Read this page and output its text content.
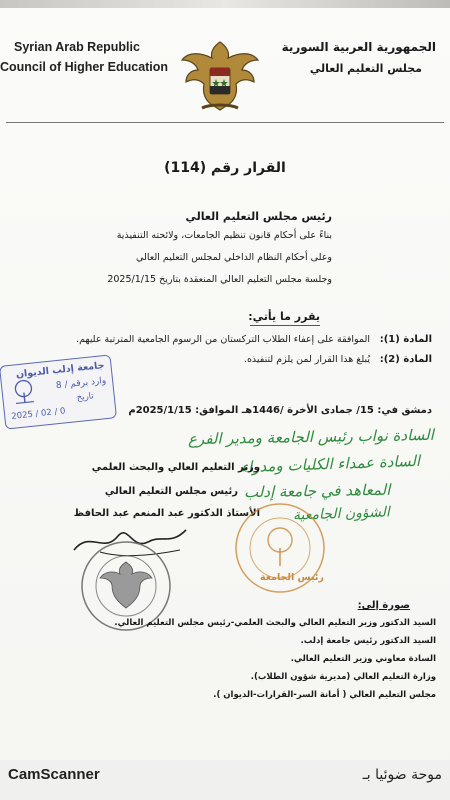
Syrian Arab Republic
Council of Higher Education
الجمهورية العربية السورية
مجلس التعليم العالي
القرار رقم (114)
رئيس مجلس التعليم العالي
بناءً على أحكام قانون تنظيم الجامعات، ولائحته التنفيذية
وعلى أحكام النظام الداخلي لمجلس التعليم العالي
وجلسة مجلس التعليم العالي المنعقدة بتاريخ 2025/1/15
يقرر ما يأتي:
المادة (1):
الموافقة على إعفاء الطلاب التركستان من الرسوم الجامعية المترتبة عليهم.
المادة (2):
يُبلغ هذا القرار لمن يلزم لتنفيذه.
جامعة إدلب الديوان
وارد برقم / 8
تاريخ
2025 / 02 / 0	دمشق في: 15/ جمادى الأخرة /1446هـ الموافق: 2025/1/15م
السادة نواب رئيس الجامعة ومدير الفرع
السادة عمداء الكليات ومدراء
المعاهد في جامعة إدلب
الشؤون الجامعية
وزير التعليم العالي والبحث العلمي
رئيس مجلس التعليم العالي
الأستاذ الدكتور عبد المنعم عبد الحافظ
رئيس الجامعة
صورة إلى:
السيد الدكتور وزير التعليم العالي والبحث العلمي-رئيس مجلس التعليم العالي.
السيد الدكتور رئيس جامعة إدلب.
السادة معاوني وزير التعليم العالي.
وزارة التعليم العالي (مديرية شؤون الطلاب).
مجلس التعليم العالي ( أمانة السر-القرارات-الديوان ).
CamScanner	موحة ضوئيا بـ
